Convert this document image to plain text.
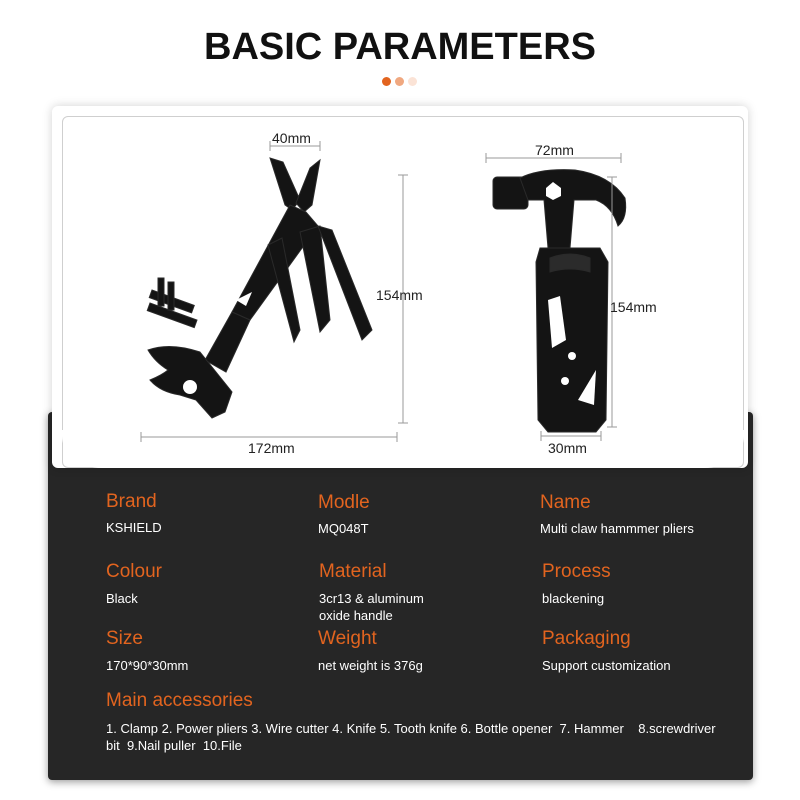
BASIC PARAMETERS
40mm
154mm
172mm
72mm
154mm
30mm
Brand
KSHIELD
Modle
MQ048T
Name
Multi claw hammmer pliers
Colour
Black
Material
3cr13 & aluminum
oxide handle
Process
blackening
Size
170*90*30mm
Weight
net weight is 376g
Packaging
Support customization
Main accessories
1. Clamp 2. Power pliers 3. Wire cutter 4. Knife 5. Tooth knife 6. Bottle opener  7. Hammer    8.screwdriver
bit  9.Nail puller  10.File
